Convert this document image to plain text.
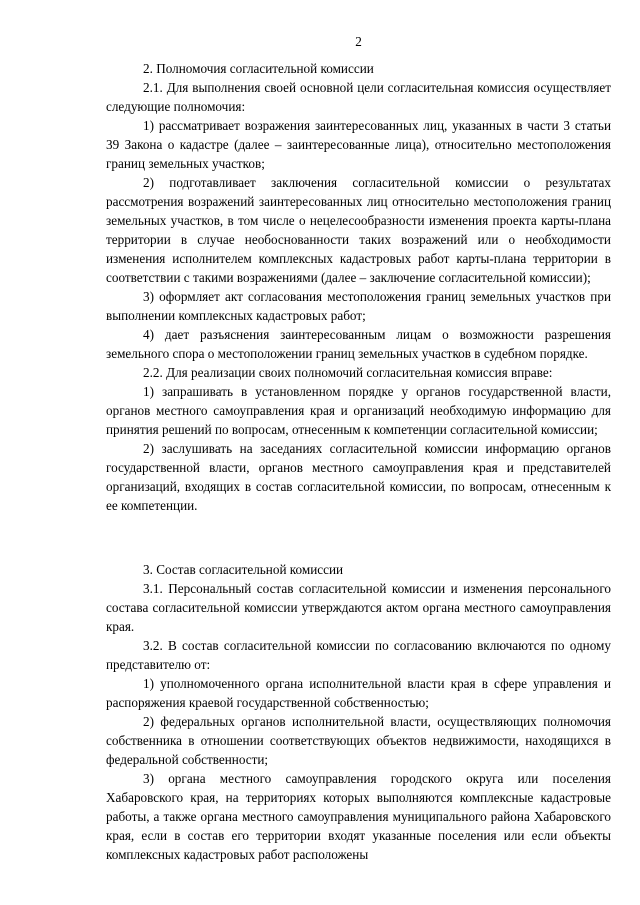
2

2. Полномочия согласительной комиссии

2.1. Для выполнения своей основной цели согласительная комиссия осуществляет следующие полномочия:

1) рассматривает возражения заинтересованных лиц, указанных в части 3 статьи 39 Закона о кадастре (далее – заинтересованные лица), относительно местоположения границ земельных участков;

2) подготавливает заключения согласительной комиссии о результатах рассмотрения возражений заинтересованных лиц относительно местоположения границ земельных участков, в том числе о нецелесообразности изменения проекта карты-плана территории в случае необоснованности таких возражений или о необходимости изменения исполнителем комплексных кадастровых работ карты-плана территории в соответствии с такими возражениями (далее – заключение согласительной комиссии);

3) оформляет акт согласования местоположения границ земельных участков при выполнении комплексных кадастровых работ;

4) дает разъяснения заинтересованным лицам о возможности разрешения земельного спора о местоположении границ земельных участков в судебном порядке.

2.2. Для реализации своих полномочий согласительная комиссия вправе:

1) запрашивать в установленном порядке у органов государственной власти, органов местного самоуправления края и организаций необходимую информацию для принятия решений по вопросам, отнесенным к компетенции согласительной комиссии;

2) заслушивать на заседаниях согласительной комиссии информацию органов государственной власти, органов местного самоуправления края и представителей организаций, входящих в состав согласительной комиссии, по вопросам, отнесенным к ее компетенции.

3. Состав согласительной комиссии

3.1. Персональный состав согласительной комиссии и изменения персонального состава согласительной комиссии утверждаются актом органа местного самоуправления края.

3.2. В состав согласительной комиссии по согласованию включаются по одному представителю от:

1) уполномоченного органа исполнительной власти края в сфере управления и распоряжения краевой государственной собственностью;

2) федеральных органов исполнительной власти, осуществляющих полномочия собственника в отношении соответствующих объектов недвижимости, находящихся в федеральной собственности;

3) органа местного самоуправления городского округа или поселения Хабаровского края, на территориях которых выполняются комплексные кадастровые работы, а также органа местного самоуправления муниципального района Хабаровского края, если в состав его территории входят указанные поселения или если объекты комплексных кадастровых работ расположены
